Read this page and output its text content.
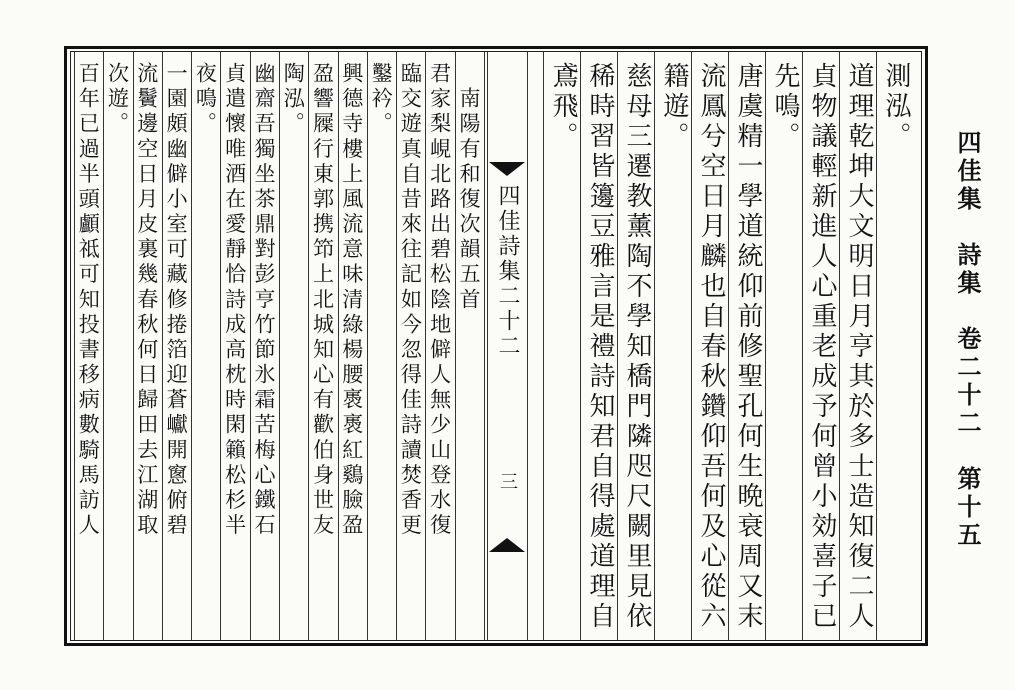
四佳集　詩集　卷二十二　第十五
四佳詩集二十二
三
測泓。
道理乾坤大文明日月亨其於多士造知復二人
貞物議輕新進人心重老成予何曾小効喜子已
先鳴。
唐虞精一學道統仰前修聖孔何生晩衰周又末
流鳳兮空日月麟也自春秋鑽仰吾何及心從六
籍遊。
慈母三遷教薰陶不學知橋門隣咫尺闕里見依
稀時習皆籩豆雅言是禮詩知君自得處道理自
鳶飛。
　南陽有和復次韻五首
君家梨峴北路出碧松陰地僻人無少山登水復
臨交遊真自昔來往記如今忽得佳詩讀焚香更
鑿衿。
興德寺樓上風流意味清綠楊腰褭褭紅鷄臉盈
盈響屧行東郭携笻上北城知心有歡伯身世友
陶泓。
幽齋吾獨坐茶鼎對彭亨竹節氷霜苦梅心鐵石
貞遣懷唯酒在愛靜恰詩成高枕時閑籟松杉半
夜鳴。
一園頗幽僻小室可藏修捲箔迎蒼巘開窻俯碧
流鬢邊空日月皮裏幾春秋何日歸田去江湖取
次遊。
百年已過半頭顱祗可知投書移病數騎馬訪人
